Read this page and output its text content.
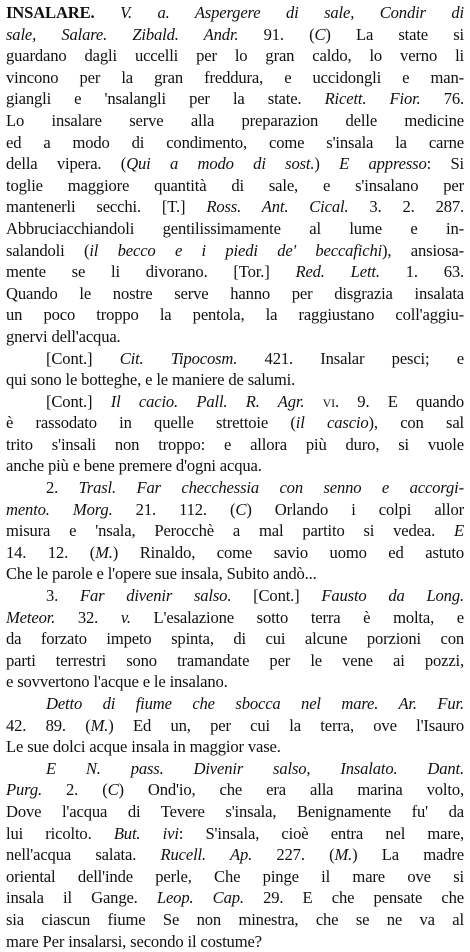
INSALARE. V. a. Aspergere di sale, Condir di
sale, Salare. Zibald. Andr. 91. (C) La state si
guardano dagli uccelli per lo gran caldo, lo verno li
vincono per la gran freddura, e uccidongli e man-
giangli e 'nsalangli per la state. Ricett. Fior. 76.
Lo insalare serve alla preparazion delle medicine
ed a modo di condimento, come s'insala la carne
della vipera. (Qui a modo di sost.) E appresso: Si
toglie maggiore quantità di sale, e s'insalano per
mantenerli secchi. [T.] Ross. Ant. Cical. 3. 2. 287.
Abbruciacchiandoli gentilissimamente al lume e in-
salandoli (il becco e i piedi de' beccafichi), ansiosa-
mente se li divorano. [Tor.] Red. Lett. 1. 63.
Quando le nostre serve hanno per disgrazia insalata
un poco troppo la pentola, la raggiustano coll'aggiu-
gnervi dell'acqua.
[Cont.] Cit. Tipocosm. 421. Insalar pesci; e
qui sono le botteghe, e le maniere de salumi.
[Cont.] Il cacio. Pall. R. Agr. vi. 9. E quando
è rassodato in quelle strettoie (il cascio), con sal
trito s'insali non troppo: e allora più duro, si vuole
anche più e bene premere d'ogni acqua.
2. Trasl. Far checchessia con senno e accorgi-
mento. Morg. 21. 112. (C) Orlando i colpi allor
misura e 'nsala, Perocchè a mal partito si vedea. E
14. 12. (M.) Rinaldo, come savio uomo ed astuto
Che le parole e l'opere sue insala, Subito andò...
3. Far divenir salso. [Cont.] Fausto da Long.
Meteor. 32. v. L'esalazione sotto terra è molta, e
da forzato impeto spinta, di cui alcune porzioni con
parti terrestri sono tramandate per le vene ai pozzi,
e sovvertono l'acque e le insalano.
Detto di fiume che sbocca nel mare. Ar. Fur.
42. 89. (M.) Ed un, per cui la terra, ove l'Isauro
Le sue dolci acque insala in maggior vase.
E N. pass. Divenir salso, Insalato. Dant.
Purg. 2. (C) Ond'io, che era alla marina volto,
Dove l'acqua di Tevere s'insala, Benignamente fu' da
lui ricolto. But. ivi: S'insala, cioè entra nel mare,
nell'acqua salata. Rucell. Ap. 227. (M.) La madre
oriental dell'inde perle, Che pinge il mare ove si
insala il Gange. Leop. Cap. 29. E che pensate che
sia ciascun fiume Se non minestra, che se ne va al
mare Per insalarsi, secondo il costume?
